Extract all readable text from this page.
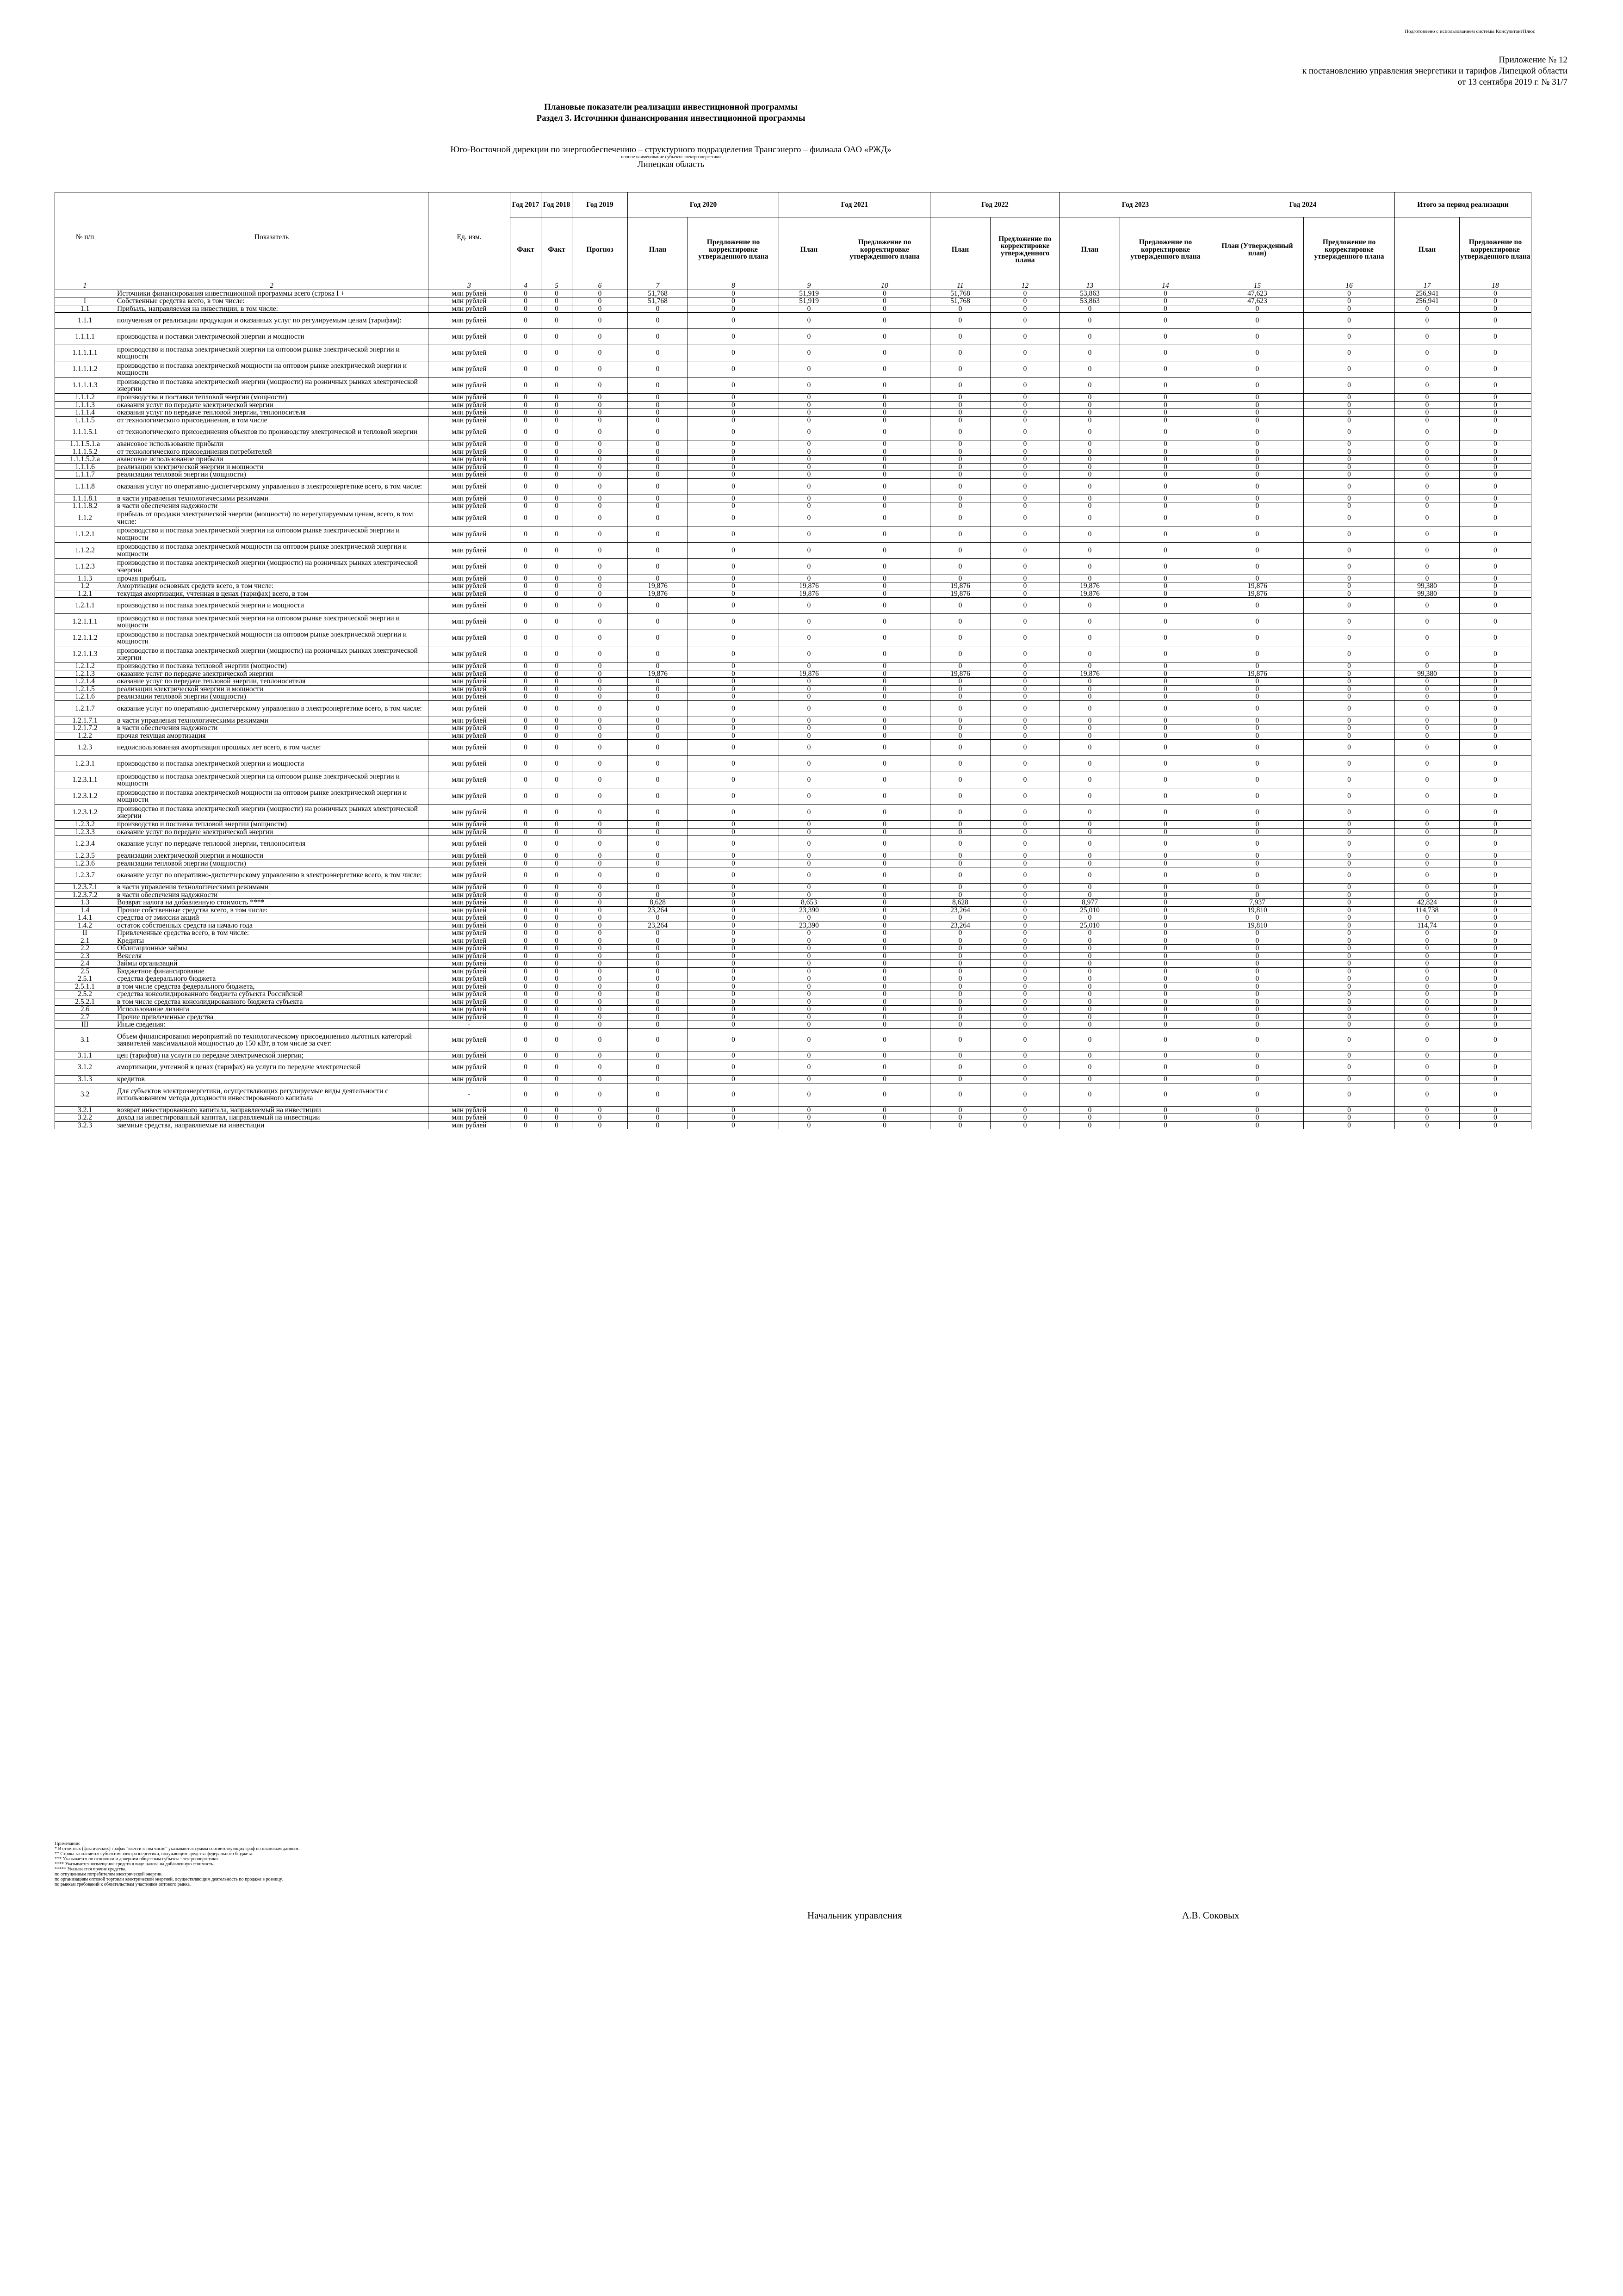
Подготовлено с использованием системы КонсультантПлюс
Приложение № 12
к постановлению управления энергетики и тарифов Липецкой области
от 13 сентября 2019 г. № 31/7
Плановые показатели реализации инвестиционной программы
Раздел 3. Источники финансирования инвестиционной программы
Юго-Восточной дирекции по энергообеспечению – структурного подразделения Трансэнерго – филиала ОАО «РЖД»
полное наименование субъекта электроэнергетики
Липецкая область
№ п/п	Показатель	Ед. изм.	Год 2017	Год 2018	Год 2019	Год 2020		Год 2021		Год 2022		Год 2023		Год 2024		Итого за период реализации	
			Факт	Факт	Прогноз	План	Предложение по корректировке утвержденного плана	План	Предложение по корректировке утвержденного плана	План	Предложение по корректировке утвержденного плана	План	Предложение по корректировке утвержденного плана	План (Утвержденный план)	Предложение по корректировке утвержденного плана	План	Предложение по корректировке утвержденного плана
1	2	3	4	5	6	7	8	9	10	11	12	13	14	15	16	17	18
	Источники финансирования инвестиционной программы всего (строка I +	млн рублей	0	0	0	51,768	0	51,919	0	51,768	0	53,863	0	47,623	0	256,941	0
I	Собственные средства всего, в том числе:	млн рублей	0	0	0	51,768	0	51,919	0	51,768	0	53,863	0	47,623	0	256,941	0
1.1	Прибыль, направляемая на инвестиции, в том числе:	млн рублей	0	0	0	0	0	0	0	0	0	0	0	0	0	0	0
1.1.1	полученная от реализации продукции и оказанных услуг по регулируемым ценам (тарифам):	млн рублей	0	0	0	0	0	0	0	0	0	0	0	0	0	0	0
1.1.1.1	производства и поставки электрической энергии и мощности	млн рублей	0	0	0	0	0	0	0	0	0	0	0	0	0	0	0
1.1.1.1.1	производство и поставка электрической энергии на оптовом рынке электрической энергии и мощности	млн рублей	0	0	0	0	0	0	0	0	0	0	0	0	0	0	0
1.1.1.1.2	производство и поставка электрической мощности на оптовом рынке электрической энергии и мощности	млн рублей	0	0	0	0	0	0	0	0	0	0	0	0	0	0	0
1.1.1.1.3	производство и поставка электрической энергии (мощности) на розничных рынках электрической энергии	млн рублей	0	0	0	0	0	0	0	0	0	0	0	0	0	0	0
1.1.1.2	производства и поставки тепловой энергии (мощности)	млн рублей	0	0	0	0	0	0	0	0	0	0	0	0	0	0	0
1.1.1.3	оказания услуг по передаче электрической энергии	млн рублей	0	0	0	0	0	0	0	0	0	0	0	0	0	0	0
1.1.1.4	оказания услуг по передаче тепловой энергии, теплоносителя	млн рублей	0	0	0	0	0	0	0	0	0	0	0	0	0	0	0
1.1.1.5	от технологического присоединения, в том числе	млн рублей	0	0	0	0	0	0	0	0	0	0	0	0	0	0	0
1.1.1.5.1	от технологического присоединения объектов по производству электрической и тепловой энергии	млн рублей	0	0	0	0	0	0	0	0	0	0	0	0	0	0	0
1.1.1.5.1.а	авансовое использование прибыли	млн рублей	0	0	0	0	0	0	0	0	0	0	0	0	0	0	0
1.1.1.5.2	от технологического присоединения потребителей	млн рублей	0	0	0	0	0	0	0	0	0	0	0	0	0	0	0
1.1.1.5.2.а	авансовое использование прибыли	млн рублей	0	0	0	0	0	0	0	0	0	0	0	0	0	0	0
1.1.1.6	реализации электрической энергии и мощности	млн рублей	0	0	0	0	0	0	0	0	0	0	0	0	0	0	0
1.1.1.7	реализации тепловой энергии (мощности)	млн рублей	0	0	0	0	0	0	0	0	0	0	0	0	0	0	0
1.1.1.8	оказания услуг по оперативно-диспетчерскому управлению в электроэнергетике всего, в том числе:	млн рублей	0	0	0	0	0	0	0	0	0	0	0	0	0	0	0
1.1.1.8.1	в части управления технологическими режимами	млн рублей	0	0	0	0	0	0	0	0	0	0	0	0	0	0	0
1.1.1.8.2	в части обеспечения надежности	млн рублей	0	0	0	0	0	0	0	0	0	0	0	0	0	0	0
1.1.2	прибыль от продажи электрической энергии (мощности) по нерегулируемым ценам, всего, в том числе:	млн рублей	0	0	0	0	0	0	0	0	0	0	0	0	0	0	0
1.1.2.1	производство и поставка электрической энергии на оптовом рынке электрической энергии и мощности	млн рублей	0	0	0	0	0	0	0	0	0	0	0	0	0	0	0
1.1.2.2	производство и поставка электрической мощности на оптовом рынке электрической энергии и мощности	млн рублей	0	0	0	0	0	0	0	0	0	0	0	0	0	0	0
1.1.2.3	производство и поставка электрической энергии (мощности) на розничных рынках электрической энергии	млн рублей	0	0	0	0	0	0	0	0	0	0	0	0	0	0	0
1.1.3	прочая прибыль	млн рублей	0	0	0	0	0	0	0	0	0	0	0	0	0	0	0
1.2	Амортизация основных средств всего, в том числе:	млн рублей	0	0	0	19,876	0	19,876	0	19,876	0	19,876	0	19,876	0	99,380	0
1.2.1	текущая амортизация, учтенная в ценах (тарифах) всего, в том	млн рублей	0	0	0	19,876	0	19,876	0	19,876	0	19,876	0	19,876	0	99,380	0
1.2.1.1	производство и поставка электрической энергии и мощности	млн рублей	0	0	0	0	0	0	0	0	0	0	0	0	0	0	0
1.2.1.1.1	производство и поставка электрической энергии на оптовом рынке электрической энергии и мощности	млн рублей	0	0	0	0	0	0	0	0	0	0	0	0	0	0	0
1.2.1.1.2	производство и поставка электрической мощности на оптовом рынке электрической энергии и мощности	млн рублей	0	0	0	0	0	0	0	0	0	0	0	0	0	0	0
1.2.1.1.3	производство и поставка электрической энергии (мощности) на розничных рынках электрической энергии	млн рублей	0	0	0	0	0	0	0	0	0	0	0	0	0	0	0
1.2.1.2	производство и поставка тепловой энергии (мощности)	млн рублей	0	0	0	0	0	0	0	0	0	0	0	0	0	0	0
1.2.1.3	оказание услуг по передаче электрической энергии	млн рублей	0	0	0	19,876	0	19,876	0	19,876	0	19,876	0	19,876	0	99,380	0
1.2.1.4	оказание услуг по передаче тепловой энергии, теплоносителя	млн рублей	0	0	0	0	0	0	0	0	0	0	0	0	0	0	0
1.2.1.5	реализации электрической энергии и мощности	млн рублей	0	0	0	0	0	0	0	0	0	0	0	0	0	0	0
1.2.1.6	реализации тепловой энергии (мощности)	млн рублей	0	0	0	0	0	0	0	0	0	0	0	0	0	0	0
1.2.1.7	оказание услуг по оперативно-диспетчерскому управлению в электроэнергетике всего, в том числе:	млн рублей	0	0	0	0	0	0	0	0	0	0	0	0	0	0	0
1.2.1.7.1	в части управления технологическими режимами	млн рублей	0	0	0	0	0	0	0	0	0	0	0	0	0	0	0
1.2.1.7.2	в части обеспечения надежности	млн рублей	0	0	0	0	0	0	0	0	0	0	0	0	0	0	0
1.2.2	прочая текущая амортизация	млн рублей	0	0	0	0	0	0	0	0	0	0	0	0	0	0	0
1.2.3	недоиспользованная амортизация прошлых лет всего, в том числе:	млн рублей	0	0	0	0	0	0	0	0	0	0	0	0	0	0	0
1.2.3.1	производство и поставка электрической энергии и мощности	млн рублей	0	0	0	0	0	0	0	0	0	0	0	0	0	0	0
1.2.3.1.1	производство и поставка электрической энергии на оптовом рынке электрической энергии и мощности	млн рублей	0	0	0	0	0	0	0	0	0	0	0	0	0	0	0
1.2.3.1.2	производство и поставка электрической мощности на оптовом рынке электрической энергии и мощности	млн рублей	0	0	0	0	0	0	0	0	0	0	0	0	0	0	0
1.2.3.1.2	производство и поставка электрической энергии (мощности) на розничных рынках электрической энергии	млн рублей	0	0	0	0	0	0	0	0	0	0	0	0	0	0	0
1.2.3.2	производство и поставка тепловой энергии (мощности)	млн рублей	0	0	0	0	0	0	0	0	0	0	0	0	0	0	0
1.2.3.3	оказание услуг по передаче электрической энергии	млн рублей	0	0	0	0	0	0	0	0	0	0	0	0	0	0	0
1.2.3.4	оказание услуг по передаче тепловой энергии, теплоносителя	млн рублей	0	0	0	0	0	0	0	0	0	0	0	0	0	0	0
1.2.3.5	реализации электрической энергии и мощности	млн рублей	0	0	0	0	0	0	0	0	0	0	0	0	0	0	0
1.2.3.6	реализации тепловой энергии (мощности)	млн рублей	0	0	0	0	0	0	0	0	0	0	0	0	0	0	0
1.2.3.7	оказание услуг по оперативно-диспетчерскому управлению в электроэнергетике всего, в том числе:	млн рублей	0	0	0	0	0	0	0	0	0	0	0	0	0	0	0
1.2.3.7.1	в части управления технологическими режимами	млн рублей	0	0	0	0	0	0	0	0	0	0	0	0	0	0	0
1.2.3.7.2	в части обеспечения надежности	млн рублей	0	0	0	0	0	0	0	0	0	0	0	0	0	0	0
1.3	Возврат налога на добавленную стоимость ****	млн рублей	0	0	0	8,628	0	8,653	0	8,628	0	8,977	0	7,937	0	42,824	0
1.4	Прочие собственные средства всего, в том числе:	млн рублей	0	0	0	23,264	0	23,390	0	23,264	0	25,010	0	19,810	0	114,738	0
1.4.1	средства от эмиссии акций	млн рублей	0	0	0	0	0	0	0	0	0	0	0	0	0	0	0
1.4.2	остаток собственных средств на начало года	млн рублей	0	0	0	23,264	0	23,390	0	23,264	0	25,010	0	19,810	0	114,74	0
II	Привлеченные средства всего, в том числе:	млн рублей	0	0	0	0	0	0	0	0	0	0	0	0	0	0	0
2.1	Кредиты	млн рублей	0	0	0	0	0	0	0	0	0	0	0	0	0	0	0
2.2	Облигационные займы	млн рублей	0	0	0	0	0	0	0	0	0	0	0	0	0	0	0
2.3	Векселя	млн рублей	0	0	0	0	0	0	0	0	0	0	0	0	0	0	0
2.4	Займы организаций	млн рублей	0	0	0	0	0	0	0	0	0	0	0	0	0	0	0
2.5	Бюджетное финансирование	млн рублей	0	0	0	0	0	0	0	0	0	0	0	0	0	0	0
2.5.1	средства федерального бюджета	млн рублей	0	0	0	0	0	0	0	0	0	0	0	0	0	0	0
2.5.1.1	в том числе средства федерального бюджета,	млн рублей	0	0	0	0	0	0	0	0	0	0	0	0	0	0	0
2.5.2	средства консолидированного бюджета субъекта Российской	млн рублей	0	0	0	0	0	0	0	0	0	0	0	0	0	0	0
2.5.2.1	в том числе средства консолидированного бюджета субъекта	млн рублей	0	0	0	0	0	0	0	0	0	0	0	0	0	0	0
2.6	Использование лизинга	млн рублей	0	0	0	0	0	0	0	0	0	0	0	0	0	0	0
2.7	Прочие привлеченные средства	млн рублей	0	0	0	0	0	0	0	0	0	0	0	0	0	0	0
III	Иные сведения:	-	0	0	0	0	0	0	0	0	0	0	0	0	0	0	0
3.1	Объем финансирования мероприятий по технологическому присоединению льготных категорий заявителей максимальной мощностью до 150 кВт, в том числе за счет:	млн рублей	0	0	0	0	0	0	0	0	0	0	0	0	0	0	0
3.1.1	цен (тарифов) на услуги по передаче электрической энергии;	млн рублей	0	0	0	0	0	0	0	0	0	0	0	0	0	0	0
3.1.2	амортизации, учтенной в ценах (тарифах) на услуги по передаче электрической	млн рублей	0	0	0	0	0	0	0	0	0	0	0	0	0	0	0
3.1.3	кредитов	млн рублей	0	0	0	0	0	0	0	0	0	0	0	0	0	0	0
3.2	Для субъектов электроэнергетики, осуществляющих регулируемые виды деятельности с использованием метода доходности инвестированного капитала	-	0	0	0	0	0	0	0	0	0	0	0	0	0	0	0
3.2.1	возврат инвестированного капитала, направляемый на инвестиции	млн рублей	0	0	0	0	0	0	0	0	0	0	0	0	0	0	0
3.2.2	доход на инвестированный капитал, направляемый на инвестиции	млн рублей	0	0	0	0	0	0	0	0	0	0	0	0	0	0	0
3.2.3	заемные средства, направляемые на инвестиции	млн рублей	0	0	0	0	0	0	0	0	0	0	0	0	0	0	0
Примечание:
* В отчетных (фактических) графах "ввести в том числе" указываются суммы соответствующих граф по плановым данным.
** Строка заполняется субъектом электроэнергетики, получающим средства федерального бюджета.
*** Указывается по основным и дочерним обществам субъекта электроэнергетики.
**** Указывается возмещение средств в виде налога на добавленную стоимость.
***** Указывается прочие средства.
по отпущенным потребителям электрической энергии.
по организациям оптовой торговли электрической энергией, осуществляющим деятельность по продаже в розницу,
по рынкам требований к обязательствам участников оптового рынка.
Начальник управления	А.В. Соковых
